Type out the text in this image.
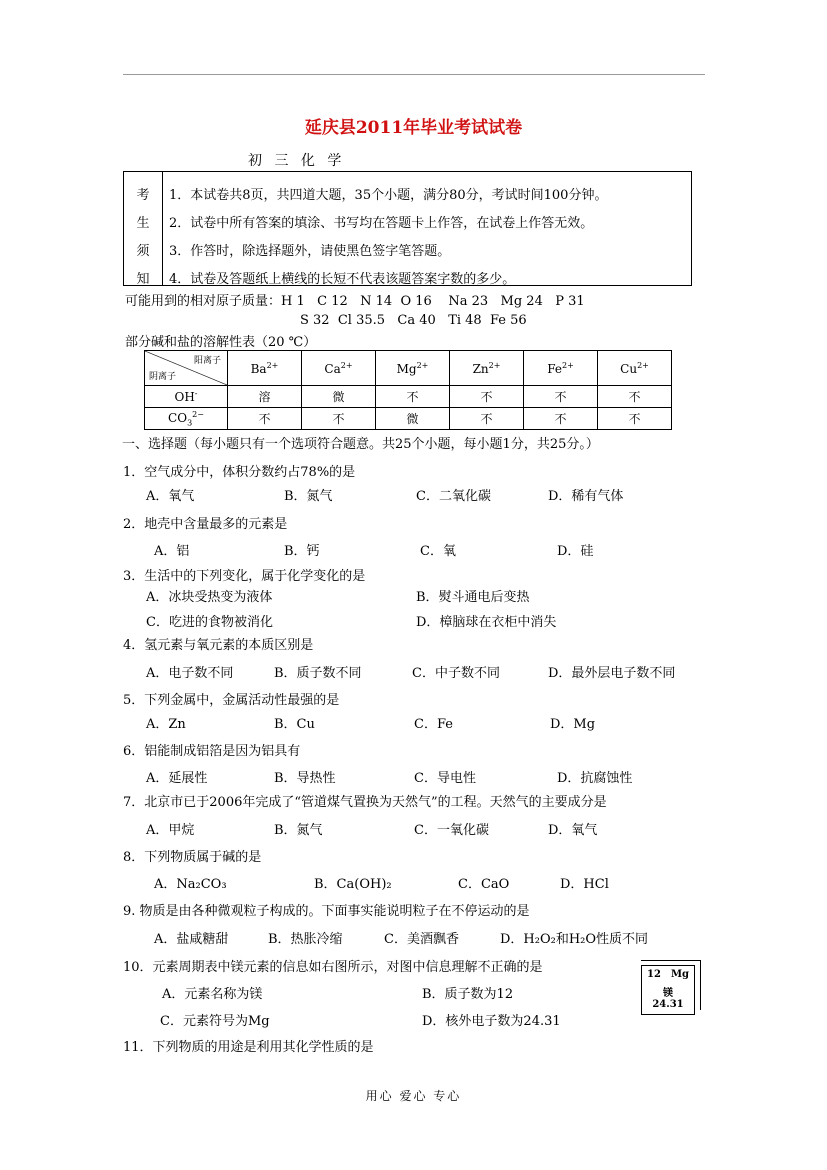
延庆县2011年毕业考试试卷
初 三 化 学
考
生
须
知
1．本试卷共8页，共四道大题，35个小题，满分80分，考试时间100分钟。
2．试卷中所有答案的填涂、书写均在答题卡上作答，在试卷上作答无效。
3．作答时，除选择题外，请使黑色签字笔答题。
4．试卷及答题纸上横线的长短不代表该题答案字数的多少。
可能用到的相对原子质量：H 1   C 12   N 14  O 16    Na 23   Mg 24   P 31
S 32  Cl 35.5   Ca 40   Ti 48  Fe 56
部分碱和盐的溶解性表（20 ℃）
阳离子
阴离子	$Ba^{2+}$	$Ca^{2+}$	$Mg^{2+}$	$Zn^{2+}$	$Fe^{2+}$	$Cu^{2+}$
OH-	溶	微	不	不	不	不
$CO_3^{2-}$	不	不	微	不	不	不
一、选择题（每小题只有一个选项符合题意。共25个小题，每小题1分，共25分。）
1．空气成分中，体积分数约占78%的是
A．氧气	B．氮气	C．二氧化碳	D．稀有气体
2．地壳中含量最多的元素是
A．铝	B．钙	C．氧	D．硅
3．生活中的下列变化，属于化学变化的是
A．冰块受热变为液体	B．熨斗通电后变热
C．吃进的食物被消化	D．樟脑球在衣柜中消失
4．氢元素与氧元素的本质区别是
A．电子数不同	B．质子数不同	C．中子数不同	D．最外层电子数不同
5．下列金属中，金属活动性最强的是
A．Zn	B．Cu	C．Fe	D．Mg
6．铝能制成铝箔是因为铝具有
A．延展性	B．导热性	C．导电性	D．抗腐蚀性
7．北京市已于2006年完成了“管道煤气置换为天然气”的工程。天然气的主要成分是
A．甲烷	B．氮气	C．一氧化碳	D．氧气
8．下列物质属于碱的是
A．Na₂CO₃	B．Ca(OH)₂	C．CaO	D．HCl
9. 物质是由各种微观粒子构成的。下面事实能说明粒子在不停运动的是
A．盐咸糖甜	B．热胀冷缩	C．美酒飘香	D．H₂O₂和H₂O性质不同
10．元素周期表中镁元素的信息如右图所示，对图中信息理解不正确的是
A．元素名称为镁	B．质子数为12
C．元素符号为Mg	D．核外电子数为24.31
12 Mg
镁
24.31
11．下列物质的用途是利用其化学性质的是
用心 爱心 专心
